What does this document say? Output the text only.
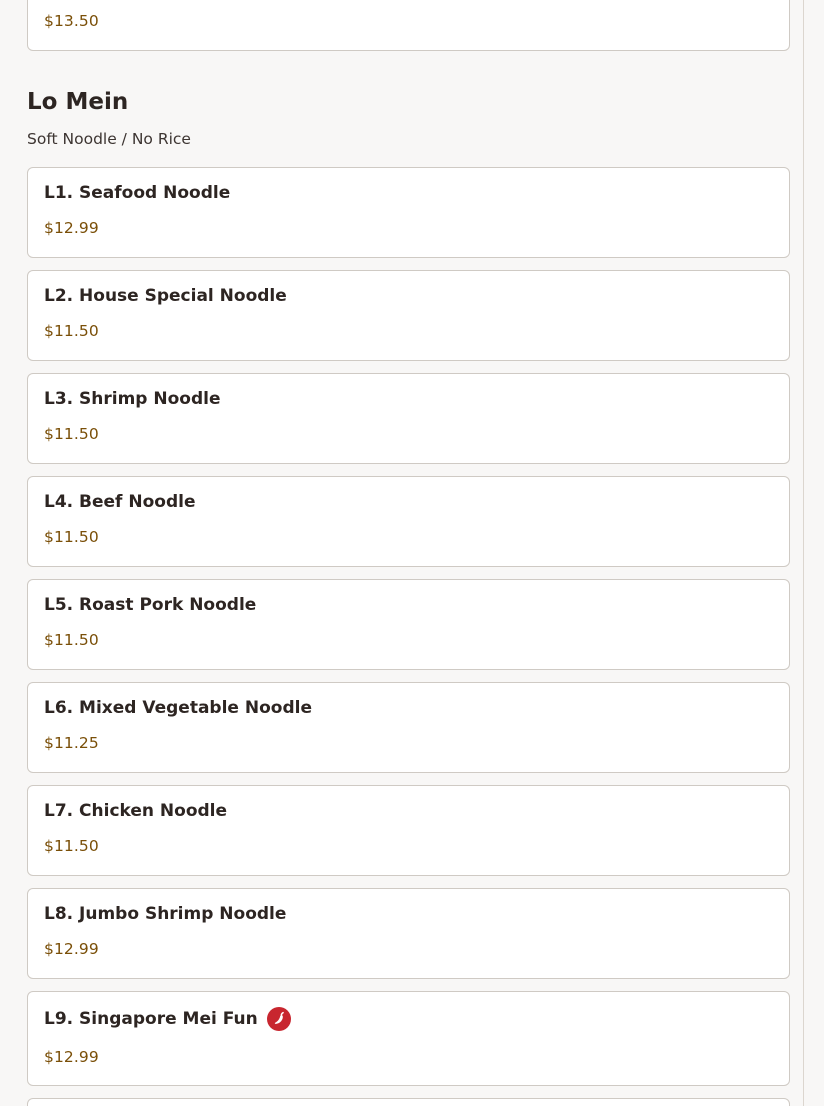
$13.50
Lo Mein

Soft Noodle / No Rice

L1. Seafood Noodle
$12.99
L2. House Special Noodle
$11.50
L3. Shrimp Noodle
$11.50
L4. Beef Noodle
$11.50
L5. Roast Pork Noodle
$11.50
L6. Mixed Vegetable Noodle
$11.25
L7. Chicken Noodle
$11.50
L8. Jumbo Shrimp Noodle
$12.99
L9. Singapore Mei Fun
$12.99
